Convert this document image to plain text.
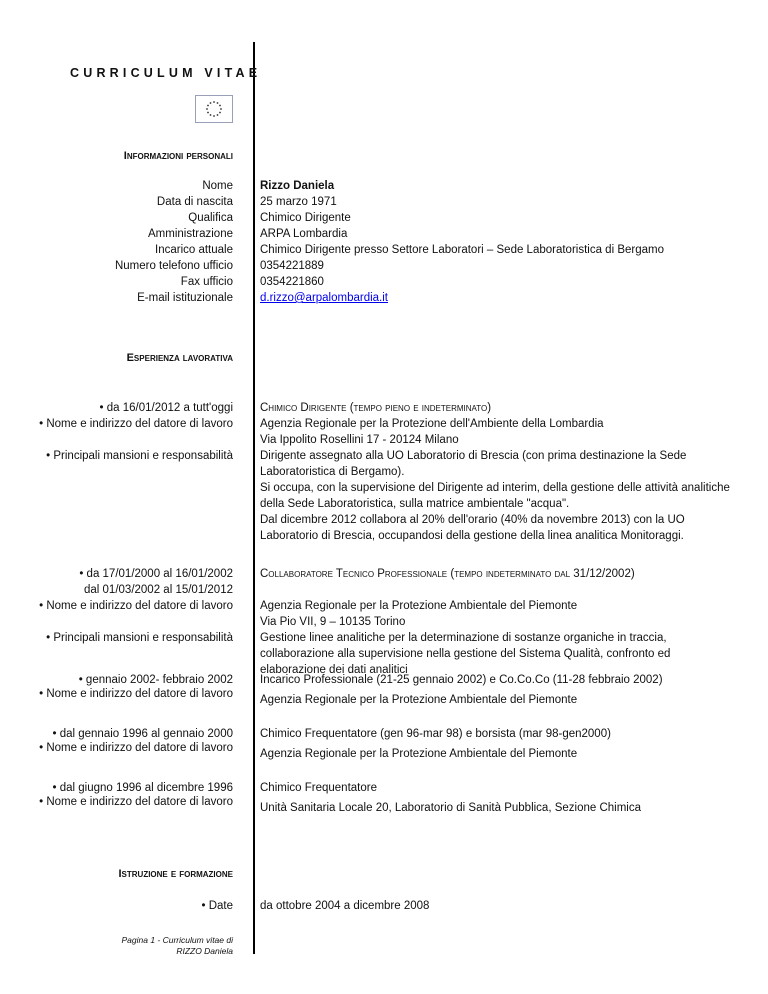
CURRICULUM VITAE
Informazioni personali
Esperienza lavorativa
Istruzione e formazione
Nome
Data di nascita
Qualifica
Amministrazione
Incarico attuale
Numero telefono ufficio
Fax ufficio
E-mail istituzionale
Rizzo Daniela
25 marzo 1971
Chimico Dirigente
ARPA Lombardia
Chimico Dirigente presso Settore Laboratori – Sede Laboratoristica di Bergamo
0354221889
0354221860
d.rizzo@arpalombardia.it
• da 16/01/2012 a tutt'oggi
• Nome e indirizzo del datore di lavoro
• Principali mansioni e responsabilità
Chimico Dirigente (tempo pieno e indeterminato)
Agenzia Regionale per la Protezione dell'Ambiente della Lombardia
Via Ippolito Rosellini 17 - 20124 Milano
Dirigente assegnato alla UO Laboratorio di Brescia (con prima destinazione la Sede Laboratoristica di Bergamo).
Si occupa, con la supervisione del Dirigente ad interim, della gestione delle attività analitiche della Sede Laboratoristica, sulla matrice ambientale "acqua".
Dal dicembre 2012 collabora al 20% dell'orario (40% da novembre 2013) con la UO Laboratorio di Brescia, occupandosi della gestione della linea analitica Monitoraggi.
• da 17/01/2000 al 16/01/2002
dal 01/03/2002 al 15/01/2012
• Nome e indirizzo del datore di lavoro
• Principali mansioni e responsabilità
Collaboratore Tecnico Professionale (tempo indeterminato dal 31/12/2002)
Agenzia Regionale per la Protezione Ambientale del Piemonte
Via Pio VII, 9 – 10135 Torino
Gestione linee analitiche per la determinazione di sostanze organiche in traccia, collaborazione alla supervisione nella gestione del Sistema Qualità, confronto ed elaborazione dei dati analitici
• gennaio 2002- febbraio 2002
• Nome e indirizzo del datore di lavoro
Incarico Professionale (21-25 gennaio 2002) e Co.Co.Co (11-28 febbraio 2002)
Agenzia Regionale per la Protezione Ambientale del Piemonte
• dal gennaio 1996 al gennaio 2000
• Nome e indirizzo del datore di lavoro
Chimico Frequentatore (gen 96-mar 98) e borsista (mar 98-gen2000)
Agenzia Regionale per la Protezione Ambientale del Piemonte
• dal giugno 1996 al dicembre 1996
• Nome e indirizzo del datore di lavoro
Chimico Frequentatore
Unità Sanitaria Locale 20, Laboratorio di Sanità Pubblica, Sezione Chimica
• Date da ottobre 2004 a dicembre 2008
Pagina 1 - Curriculum vitae di
RIZZO Daniela
